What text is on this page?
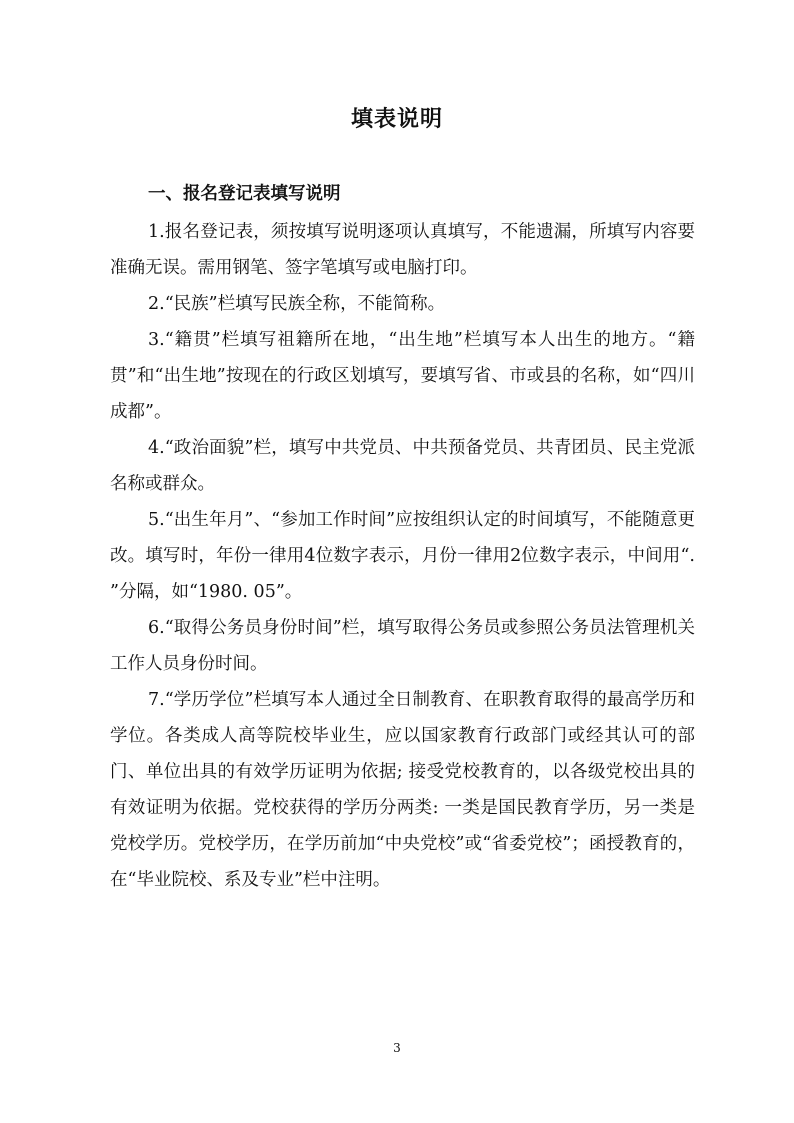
填表说明
一、报名登记表填写说明

1.报名登记表，须按填写说明逐项认真填写，不能遗漏，所填写内容要准确无误。需用钢笔、签字笔填写或电脑打印。

2.“民族”栏填写民族全称，不能简称。

3.“籍贯”栏填写祖籍所在地，“出生地”栏填写本人出生的地方。“籍贯”和“出生地”按现在的行政区划填写，要填写省、市或县的名称，如“四川成都”。

4.“政治面貌”栏，填写中共党员、中共预备党员、共青团员、民主党派名称或群众。

5.“出生年月”、“参加工作时间”应按组织认定的时间填写，不能随意更改。填写时，年份一律用4位数字表示，月份一律用2位数字表示，中间用“. ”分隔，如“1980. 05”。

6.“取得公务员身份时间”栏，填写取得公务员或参照公务员法管理机关工作人员身份时间。

7.“学历学位”栏填写本人通过全日制教育、在职教育取得的最高学历和学位。各类成人高等院校毕业生，应以国家教育行政部门或经其认可的部门、单位出具的有效学历证明为依据; 接受党校教育的，以各级党校出具的有效证明为依据。党校获得的学历分两类: 一类是国民教育学历，另一类是党校学历。党校学历，在学历前加“中央党校”或“省委党校”；函授教育的，在“毕业院校、系及专业”栏中注明。

3
